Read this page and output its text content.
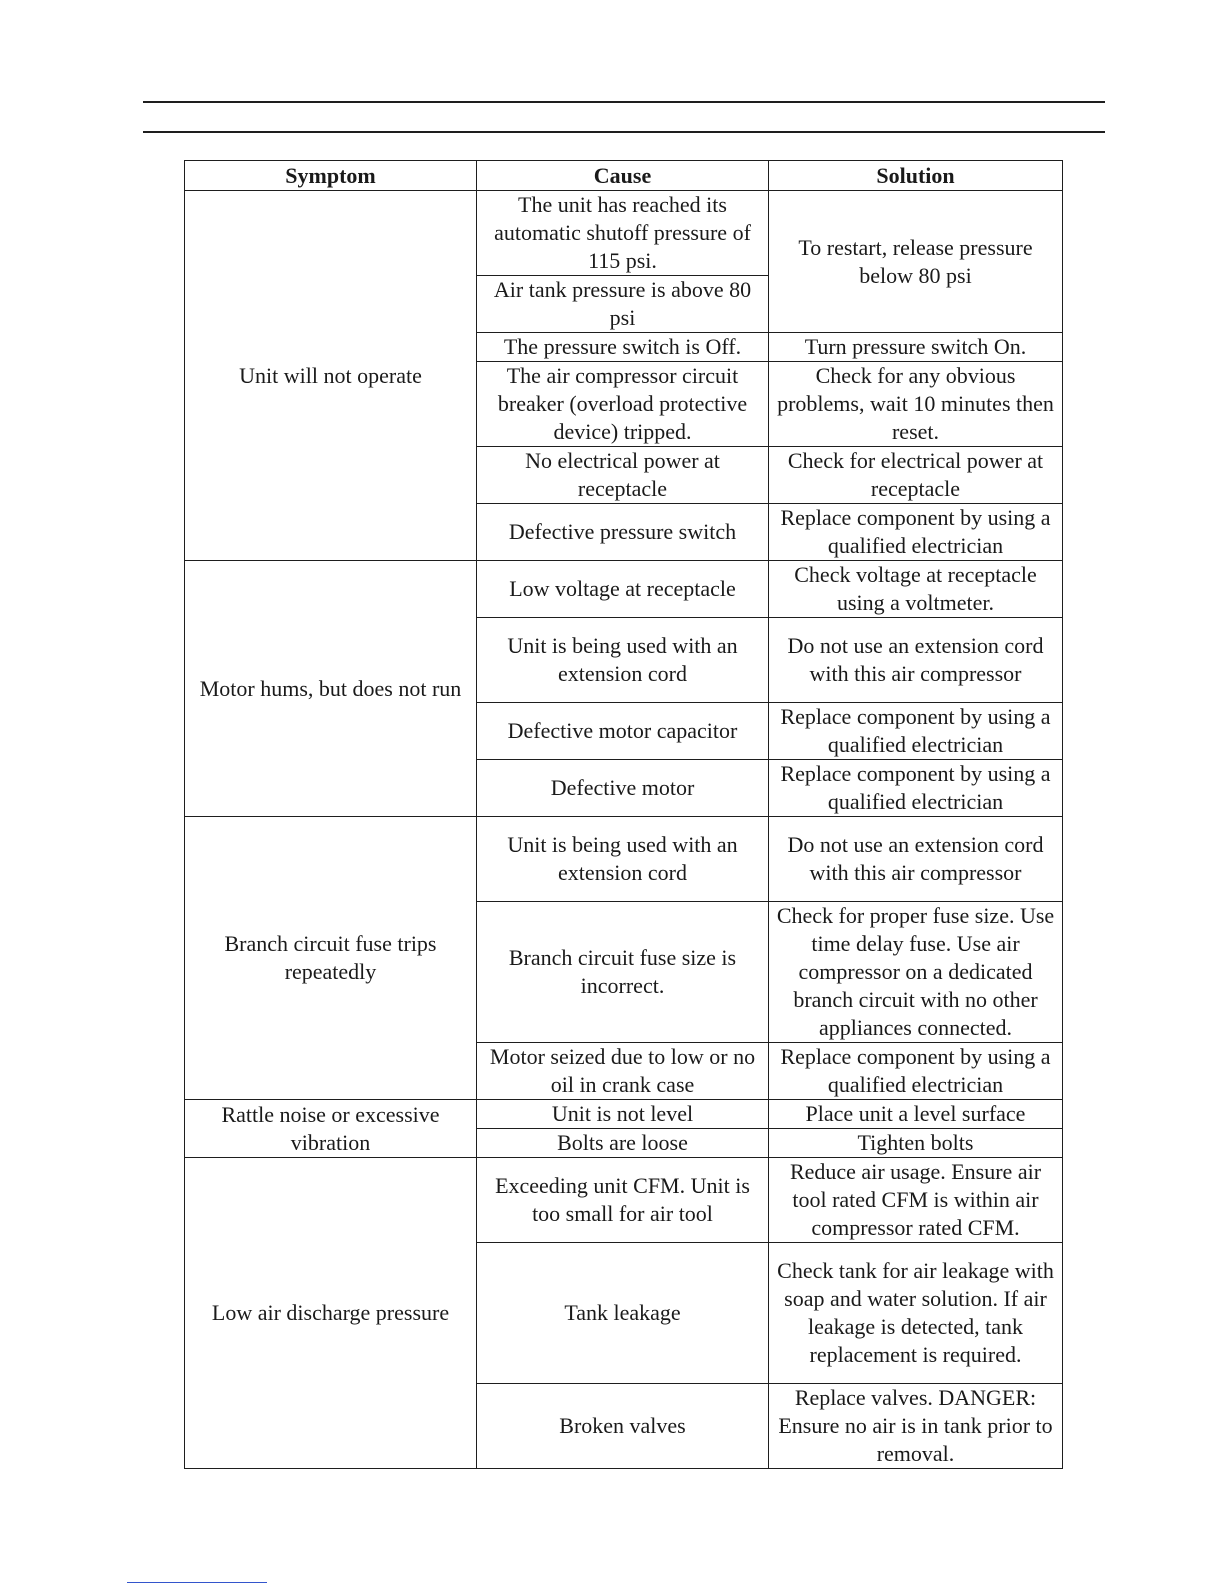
Symptom	Cause	Solution
Unit will not operate	The unit has reached its automatic shutoff pressure of 115 psi.	To restart, release pressure below 80 psi
	Air tank pressure is above 80 psi	
	The pressure switch is Off.	Turn pressure switch On.
	The air compressor circuit breaker (overload protective device) tripped.	Check for any obvious problems, wait 10 minutes then reset.
	No electrical power at receptacle	Check for electrical power at receptacle
	Defective pressure switch	Replace component by using a qualified electrician
Motor hums, but does not run	Low voltage at receptacle	Check voltage at receptacle using a voltmeter.
	Unit is being used with an extension cord	Do not use an extension cord with this air compressor
	Defective motor capacitor	Replace component by using a qualified electrician
	Defective motor	Replace component by using a qualified electrician
Branch circuit fuse trips repeatedly	Unit is being used with an extension cord	Do not use an extension cord with this air compressor
	Branch circuit fuse size is incorrect.	Check for proper fuse size. Use time delay fuse. Use air compressor on a dedicated branch circuit with no other appliances connected.
	Motor seized due to low or no oil in crank case	Replace component by using a qualified electrician
Rattle noise or excessive vibration	Unit is not level	Place unit a level surface
	Bolts are loose	Tighten bolts
Low air discharge pressure	Exceeding unit CFM. Unit is too small for air tool	Reduce air usage. Ensure air tool rated CFM is within air compressor rated CFM.
	Tank leakage	Check tank for air leakage with soap and water solution. If air leakage is detected, tank replacement is required.
	Broken valves	Replace valves. DANGER: Ensure no air is in tank prior to removal.
